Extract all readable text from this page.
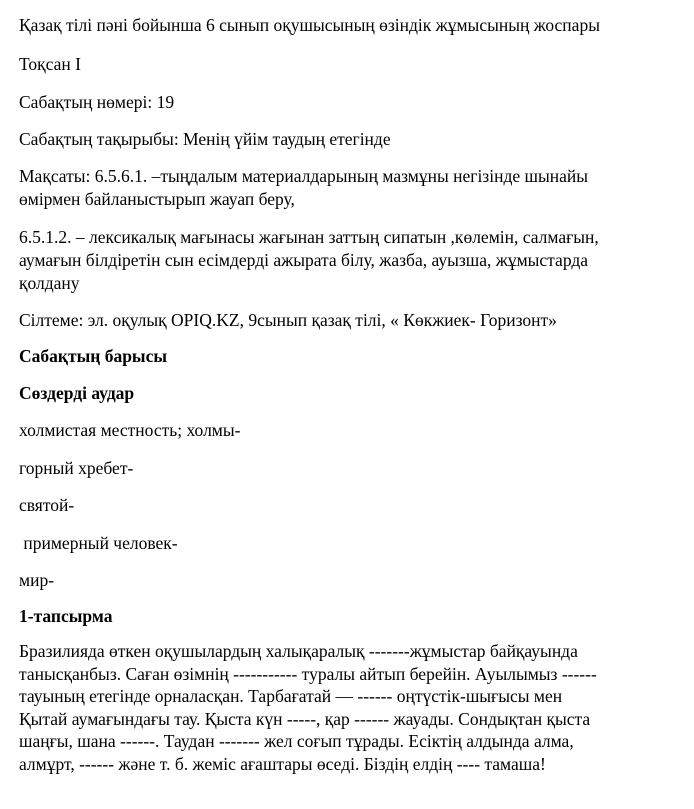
Қазақ тілі пәні бойынша 6 сынып оқушысының өзіндік жұмысының жоспары

Тоқсан І

Сабақтың нөмері: 19

Сабақтың тақырыбы: Менің үйім таудың етегінде

Мақсаты: 6.5.6.1. –тыңдалым материалдарының мазмұны негізінде шынайы
өмірмен байланыстырып жауап беру,
6.5.1.2. – лексикалық мағынасы жағынан заттың сипатын ,көлемін, салмағын,
аумағын білдіретін сын есімдерді ажырата білу, жазба, ауызша, жұмыстарда
қолдану

Сілтеме: эл. оқулық OPIQ.KZ, 9сынып қазақ тілі, « Көкжиек- Горизонт»

Сабақтың барысы

Сөздерді аудар

холмистая местность; холмы-

горный хребет-

святой-

примерный человек-

мир-

1-тапсырма

Бразилияда өткен оқушылардың халықаралық -------жұмыстар байқауында
танысқанбыз. Саған өзімнің ----------- туралы айтып берейін. Ауылымыз ------
тауының етегінде орналасқан. Тарбағатай — ------ оңтүстік-шығысы мен
Қытай аумағындағы тау. Қыста күн -----, қар ------ жауады. Сондықтан қыста
шаңғы, шана ------. Таудан ------- жел соғып тұрады. Есіктің алдында алма,
алмұрт, ------ және т. б. жеміс ағаштары өседі. Біздің елдің ---- тамаша!
